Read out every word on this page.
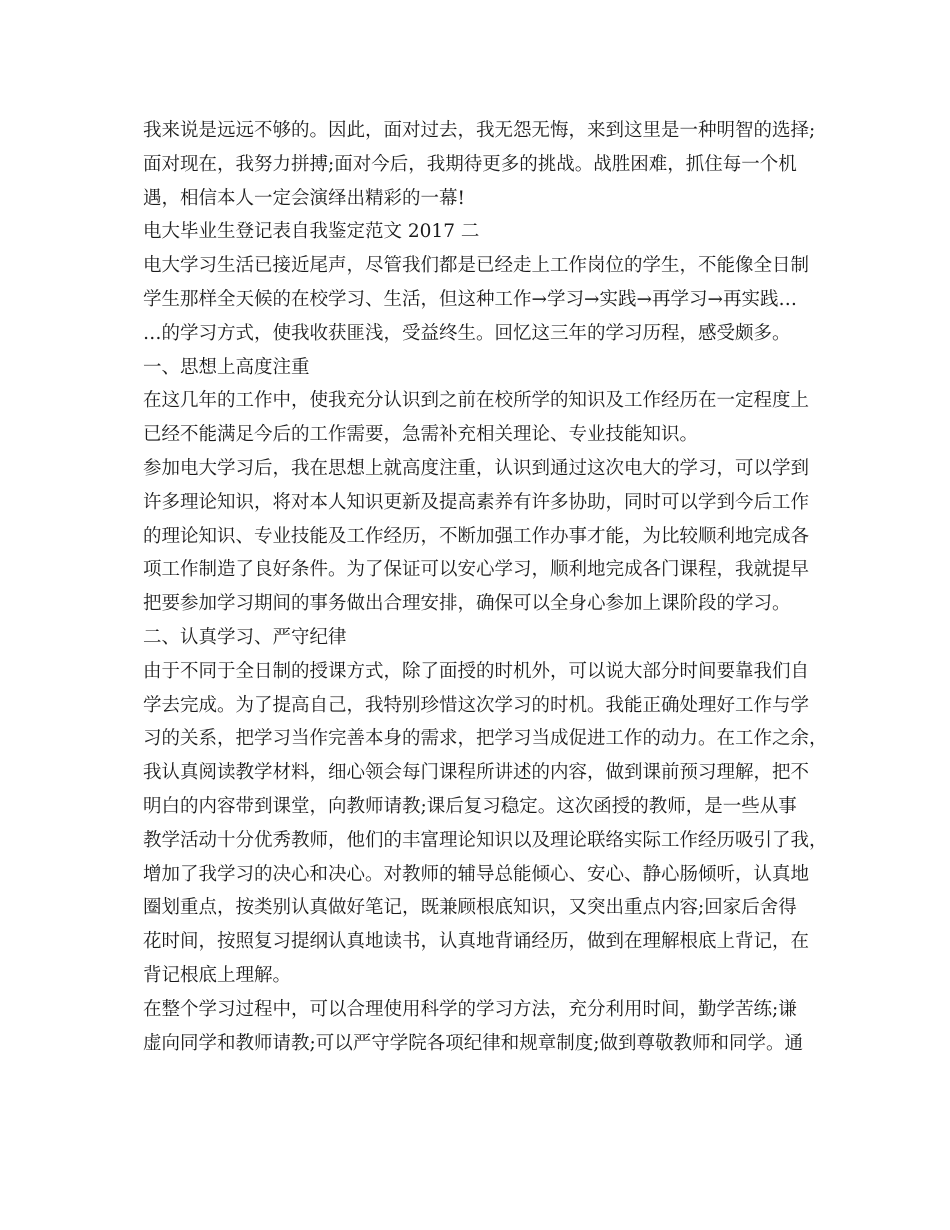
我来说是远远不够的。因此，面对过去，我无怨无悔，来到这里是一种明智的选择;
面对现在，我努力拼搏;面对今后，我期待更多的挑战。战胜困难，抓住每一个机
遇，相信本人一定会演绎出精彩的一幕!
电大毕业生登记表自我鉴定范文 2017 二
电大学习生活已接近尾声，尽管我们都是已经走上工作岗位的学生，不能像全日制
学生那样全天候的在校学习、生活，但这种工作→学习→实践→再学习→再实践…
…的学习方式，使我收获匪浅，受益终生。回忆这三年的学习历程，感受颇多。
一、思想上高度注重
在这几年的工作中，使我充分认识到之前在校所学的知识及工作经历在一定程度上
已经不能满足今后的工作需要，急需补充相关理论、专业技能知识。
参加电大学习后，我在思想上就高度注重，认识到通过这次电大的学习，可以学到
许多理论知识，将对本人知识更新及提高素养有许多协助，同时可以学到今后工作
的理论知识、专业技能及工作经历，不断加强工作办事才能，为比较顺利地完成各
项工作制造了良好条件。为了保证可以安心学习，顺利地完成各门课程，我就提早
把要参加学习期间的事务做出合理安排，确保可以全身心参加上课阶段的学习。
二、认真学习、严守纪律
由于不同于全日制的授课方式，除了面授的时机外，可以说大部分时间要靠我们自
学去完成。为了提高自己，我特别珍惜这次学习的时机。我能正确处理好工作与学
习的关系，把学习当作完善本身的需求，把学习当成促进工作的动力。在工作之余，
我认真阅读教学材料，细心领会每门课程所讲述的内容，做到课前预习理解，把不
明白的内容带到课堂，向教师请教;课后复习稳定。这次函授的教师，是一些从事
教学活动十分优秀教师，他们的丰富理论知识以及理论联络实际工作经历吸引了我，
增加了我学习的决心和决心。对教师的辅导总能倾心、安心、静心肠倾听，认真地
圈划重点，按类别认真做好笔记，既兼顾根底知识，又突出重点内容;回家后舍得
花时间，按照复习提纲认真地读书，认真地背诵经历，做到在理解根底上背记，在
背记根底上理解。
在整个学习过程中，可以合理使用科学的学习方法，充分利用时间，勤学苦练;谦
虚向同学和教师请教;可以严守学院各项纪律和规章制度;做到尊敬教师和同学。通
